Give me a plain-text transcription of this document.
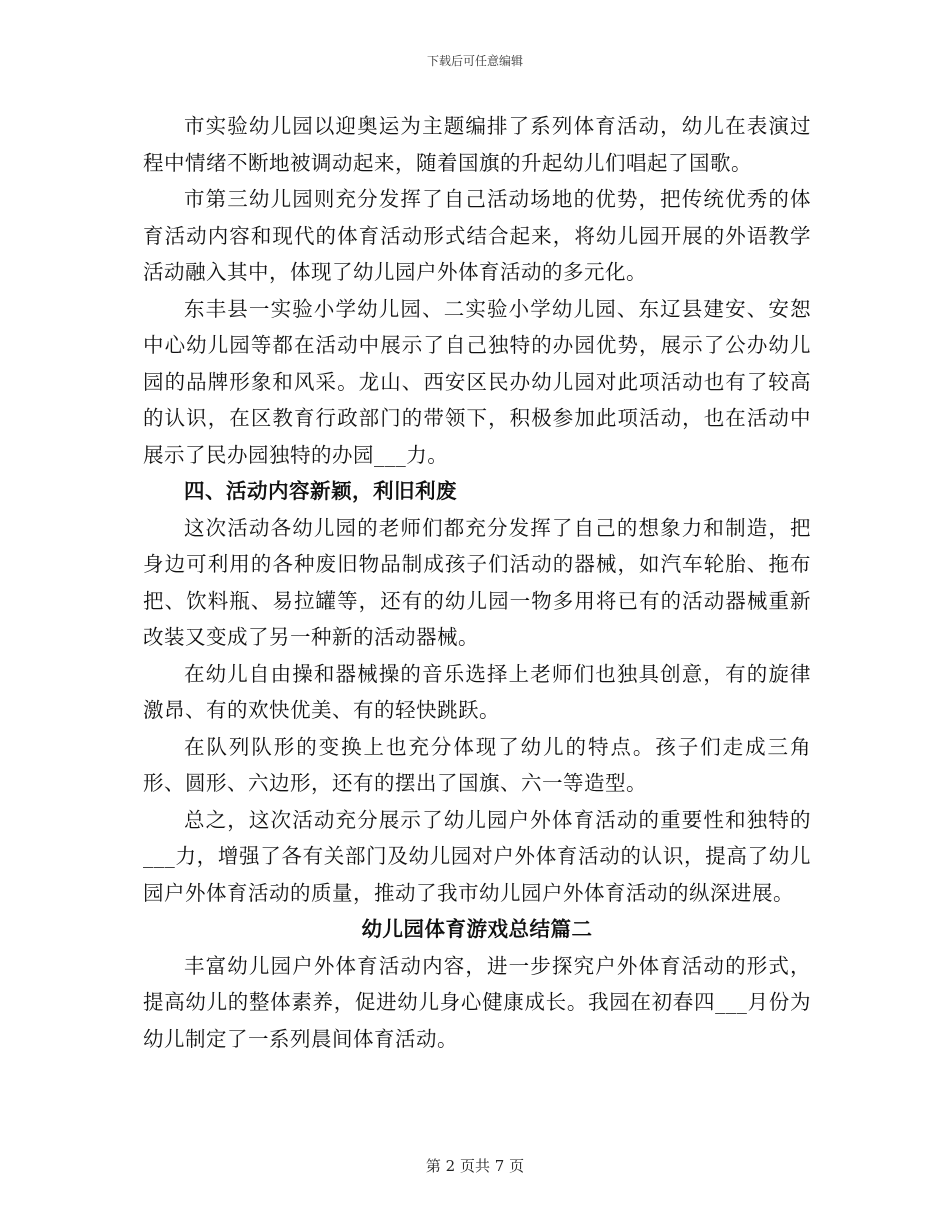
下载后可任意编辑

市实验幼儿园以迎奥运为主题编排了系列体育活动，幼儿在表演过程中情绪不断地被调动起来，随着国旗的升起幼儿们唱起了国歌。

市第三幼儿园则充分发挥了自己活动场地的优势，把传统优秀的体育活动内容和现代的体育活动形式结合起来，将幼儿园开展的外语教学活动融入其中，体现了幼儿园户外体育活动的多元化。

东丰县一实验小学幼儿园、二实验小学幼儿园、东辽县建安、安恕中心幼儿园等都在活动中展示了自己独特的办园优势，展示了公办幼儿园的品牌形象和风采。龙山、西安区民办幼儿园对此项活动也有了较高的认识，在区教育行政部门的带领下，积极参加此项活动，也在活动中展示了民办园独特的办园___力。

四、活动内容新颖，利旧利废

这次活动各幼儿园的老师们都充分发挥了自己的想象力和制造，把身边可利用的各种废旧物品制成孩子们活动的器械，如汽车轮胎、拖布把、饮料瓶、易拉罐等，还有的幼儿园一物多用将已有的活动器械重新改装又变成了另一种新的活动器械。

在幼儿自由操和器械操的音乐选择上老师们也独具创意，有的旋律激昂、有的欢快优美、有的轻快跳跃。

在队列队形的变换上也充分体现了幼儿的特点。孩子们走成三角形、圆形、六边形，还有的摆出了国旗、六一等造型。

总之，这次活动充分展示了幼儿园户外体育活动的重要性和独特的___力，增强了各有关部门及幼儿园对户外体育活动的认识，提高了幼儿园户外体育活动的质量，推动了我市幼儿园户外体育活动的纵深进展。

幼儿园体育游戏总结篇二

丰富幼儿园户外体育活动内容，进一步探究户外体育活动的形式，提高幼儿的整体素养，促进幼儿身心健康成长。我园在初春四___月份为幼儿制定了一系列晨间体育活动。

第 2 页共 7 页
